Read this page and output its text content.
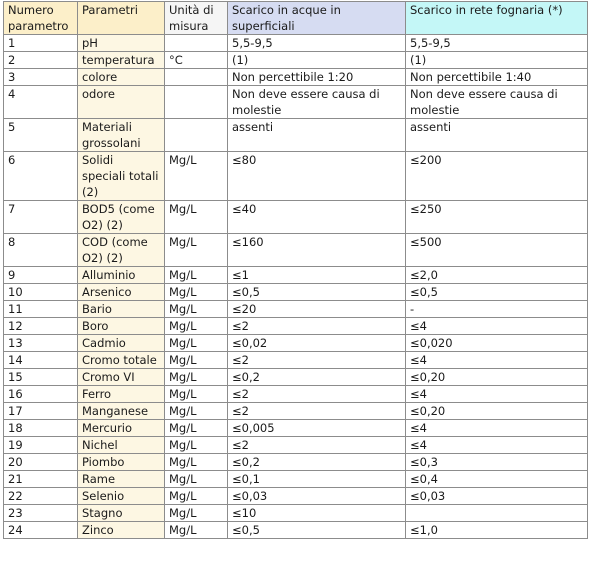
Numero parametro	Parametri	Unità di misura	Scarico in acque in superficiali	Scarico in rete fognaria (*)
1	pH		5,5-9,5	5,5-9,5
2	temperatura	°C	(1)	(1)
3	colore		Non percettibile 1:20	Non percettibile 1:40
4	odore		Non deve essere causa di molestie	Non deve essere causa di molestie
5	Materiali grossolani		assenti	assenti
6	Solidi speciali totali (2)	Mg/L	≤80	≤200
7	BOD5 (come O2) (2)	Mg/L	≤40	≤250
8	COD (come O2) (2)	Mg/L	≤160	≤500
9	Alluminio	Mg/L	≤1	≤2,0
10	Arsenico	Mg/L	≤0,5	≤0,5
11	Bario	Mg/L	≤20	-
12	Boro	Mg/L	≤2	≤4
13	Cadmio	Mg/L	≤0,02	≤0,020
14	Cromo totale	Mg/L	≤2	≤4
15	Cromo VI	Mg/L	≤0,2	≤0,20
16	Ferro	Mg/L	≤2	≤4
17	Manganese	Mg/L	≤2	≤0,20
18	Mercurio	Mg/L	≤0,005	≤4
19	Nichel	Mg/L	≤2	≤4
20	Piombo	Mg/L	≤0,2	≤0,3
21	Rame	Mg/L	≤0,1	≤0,4
22	Selenio	Mg/L	≤0,03	≤0,03
23	Stagno	Mg/L	≤10	
24	Zinco	Mg/L	≤0,5	≤1,0
